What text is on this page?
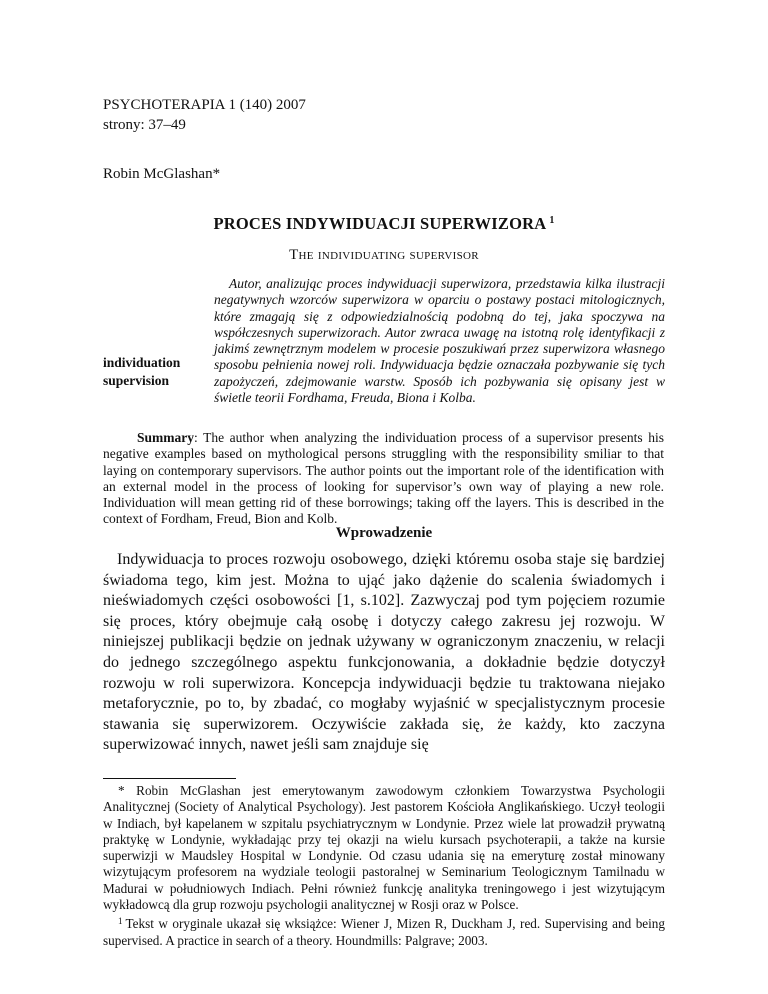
PSYCHOTERAPIA 1 (140) 2007
strony: 37–49
Robin McGlashan*
PROCES INDYWIDUACJI SUPERWIZORA $^1$
The individuating supervisor
individuation
supervision
Autor, analizując proces indywiduacji superwizora, przedstawia kilka ilustracji negatywnych wzorców superwizora w oparciu o postawy postaci mitologicznych, które zmagają się z odpowiedzialnością podobną do tej, jaka spoczywa na współczesnych superwizorach. Autor zwraca uwagę na istotną rolę identyfikacji z jakimś zewnętrznym modelem w procesie poszukiwań przez superwizora własnego sposobu pełnienia nowej roli. Indywiduacja będzie oznaczała pozbywanie się tych zapożyczeń, zdejmowanie warstw. Sposób ich pozbywania się opisany jest w świetle teorii Fordhama, Freuda, Biona i Kolba.
Summary: The author when analyzing the individuation process of a supervisor presents his negative examples based on mythological persons struggling with the responsibility smiliar to that laying on contemporary supervisors. The author points out the important role of the identification with an external model in the process of looking for supervisor’s own way of playing a new role. Individuation will mean getting rid of these borrowings; taking off the layers. This is described in the context of Fordham, Freud, Bion and Kolb.
Wprowadzenie
Indywiduacja to proces rozwoju osobowego, dzięki któremu osoba staje się bardziej świadoma tego, kim jest. Można to ująć jako dążenie do scalenia świadomych i nieświadomych części osobowości [1, s.102]. Zazwyczaj pod tym pojęciem rozumie się proces, który obejmuje całą osobę i dotyczy całego zakresu jej rozwoju. W niniejszej publikacji będzie on jednak używany w ograniczonym znaczeniu, w relacji do jednego szczególnego aspektu funkcjonowania, a dokładnie będzie dotyczył rozwoju w roli superwizora. Koncepcja indywiduacji będzie tu traktowana niejako metaforycznie, po to, by zbadać, co mogłaby wyjaśnić w specjalistycznym procesie stawania się superwizorem. Oczywiście zakłada się, że każdy, kto zaczyna superwizować innych, nawet jeśli sam znajduje się

* Robin McGlashan jest emerytowanym zawodowym członkiem Towarzystwa Psychologii Analitycznej (Society of Analytical Psychology). Jest pastorem Kościoła Anglikańskiego. Uczył teologii w Indiach, był kapelanem w szpitalu psychiatrycznym w Londynie. Przez wiele lat prowadził prywatną praktykę w Londynie, wykładając przy tej okazji na wielu kursach psychoterapii, a także na kursie superwizji w Maudsley Hospital w Londynie. Od czasu udania się na emeryturę został minowany wizytującym profesorem na wydziale teologii pastoralnej w Seminarium Teologicznym Tamilnadu w Madurai w południowych Indiach. Pełni również funkcję analityka treningowego i jest wizytującym wykładowcą dla grup rozwoju psychologii analitycznej w Rosji oraz w Polsce.

$^1$ Tekst w oryginale ukazał się wksiążce: Wiener J, Mizen R, Duckham J, red. Supervising and being supervised. A practice in search of a theory. Houndmills: Palgrave; 2003.
